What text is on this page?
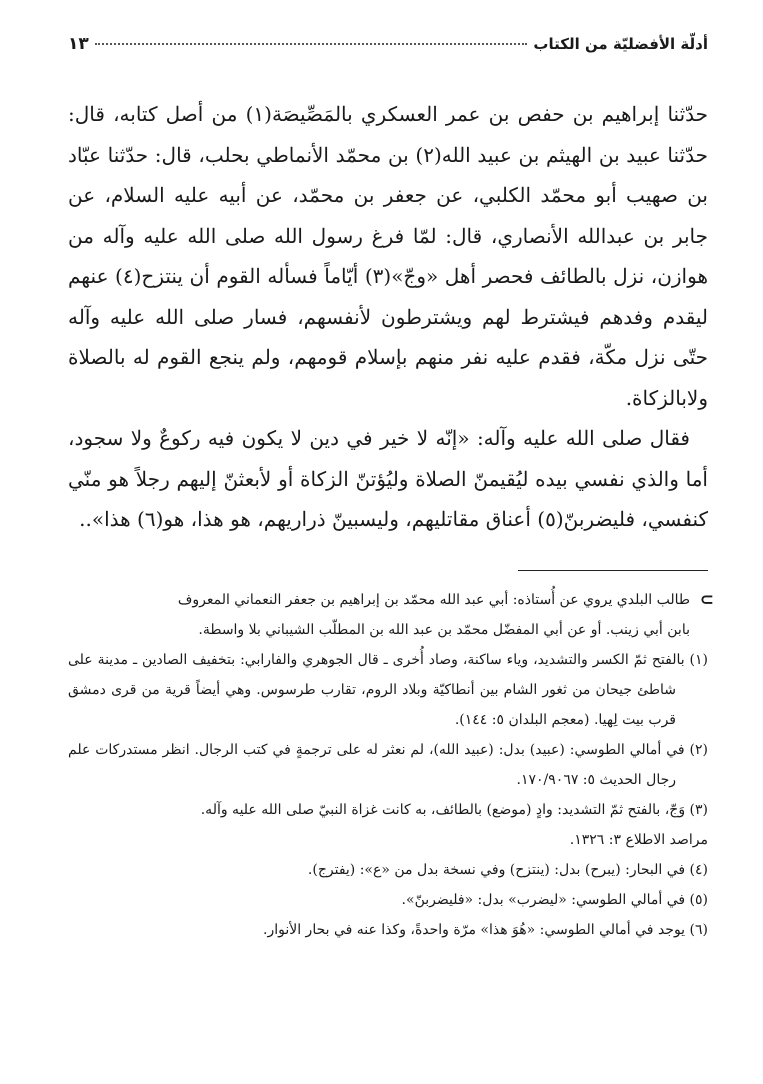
أدلّة الأفضليّة من الكتاب
١٣

حدّثنا إبراهيم بن حفص بن عمر العسكري بالمَصِّيصَة(١) من أصل كتابه، قال: حدّثنا عبيد بن الهيثم بن عبيد الله(٢) بن محمّد الأنماطي بحلب، قال: حدّثنا عبّاد بن صهيب أبو محمّد الكلبي، عن جعفر بن محمّد، عن أبيه عليه السلام، عن جابر بن عبدالله الأنصاري، قال: لمّا فرغ رسول الله صلى الله عليه وآله من هوازن، نزل بالطائف فحصر أهل «وجّ»(٣) أيّاماً فسأله القوم أن ينتزح(٤) عنهم ليقدم وفدهم فيشترط لهم ويشترطون لأنفسهم، فسار صلى الله عليه وآله حتّى نزل مكّة، فقدم عليه نفر منهم بإسلام قومهم، ولم ينجع القوم له بالصلاة ولابالزكاة.

فقال صلى الله عليه وآله: «إنّه لا خير في دين لا يكون فيه ركوعٌ ولا سجود، أما والذي نفسي بيده ليُقيمنّ الصلاة وليُؤتنّ الزكاة أو لأبعثنّ إليهم رجلاً هو منّي كنفسي، فليضربنّ(٥) أعناق مقاتليهم، وليسبينّ ذراريهم، هو هذا، هو(٦) هذا»..

⊃

طالب البلدي يروي عن أُستاذه: أبي عبد الله محمّد بن إبراهيم بن جعفر النعماني المعروف

بابن أبي زينب. أو عن أبي المفضّل محمّد بن عبد الله بن المطلّب الشيباني بلا واسطة.

(١) بالفتح ثمّ الكسر والتشديد، وياء ساكنة، وصاد أُخرى ـ قال الجوهري والفارابي: بتخفيف الصادين ـ مدينة على شاطئ جيحان من ثغور الشام بين أنطاكيّة وبلاد الروم، تقارب طرسوس. وهي أيضاً قرية من قرى دمشق قرب بيت لِهيا. (معجم البلدان ٥: ١٤٤).

(٢) في أمالي الطوسي: (عبيد) بدل: (عبيد الله)، لم نعثر له على ترجمةٍ في كتب الرجال. انظر مستدركات علم رجال الحديث ٥: ١٧٠/٩٠٦٧.

(٣) وَجّ، بالفتح ثمّ التشديد: وادٍ (موضع) بالطائف، به كانت غزاة النبيّ صلى الله عليه وآله.

مراصد الاطلاع ٣: ١٣٢٦.

(٤) في البحار: (يبرح) بدل: (ينتزح) وفي نسخة بدل من «ع»: (يفترج).

(٥) في أمالي الطوسي: «ليضرب» بدل: «فليضربنّ».

(٦) يوجد في أمالي الطوسي: «هُوَ هذا» مرّة واحدةً، وكذا عنه في بحار الأنوار.
